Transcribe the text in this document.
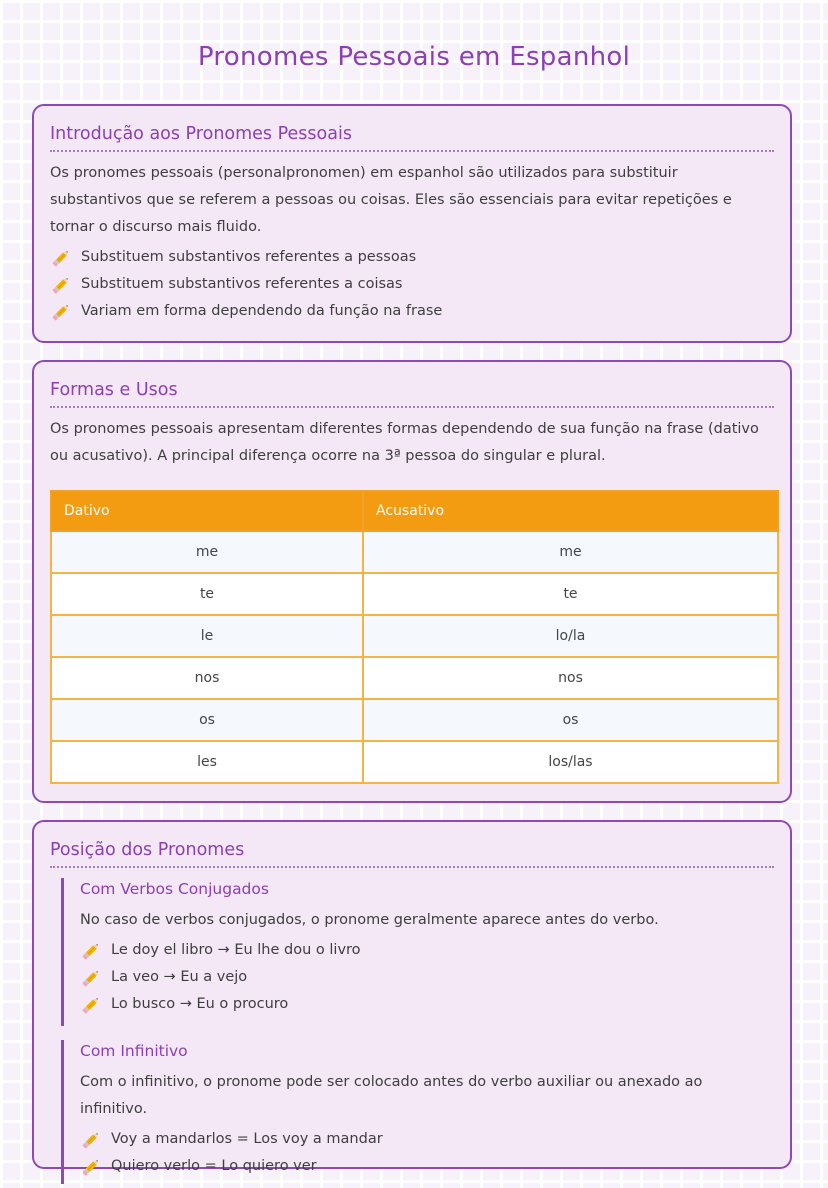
Pronomes Pessoais em Espanhol
Introdução aos Pronomes Pessoais

Os pronomes pessoais (personalpronomen) em espanhol são utilizados para substituir substantivos que se referem a pessoas ou coisas. Eles são essenciais para evitar repetições e tornar o discurso mais fluido.

Substituem substantivos referentes a pessoas
Substituem substantivos referentes a coisas
Variam em forma dependendo da função na frase
Formas e Usos

Os pronomes pessoais apresentam diferentes formas dependendo de sua função na frase (dativo ou acusativo). A principal diferença ocorre na 3ª pessoa do singular e plural.

Dativo	Acusativo
me	me
te	te
le	lo/la
nos	nos
os	os
les	los/las
Posição dos Pronomes
Com Verbos Conjugados

No caso de verbos conjugados, o pronome geralmente aparece antes do verbo.

Le doy el libro → Eu lhe dou o livro
La veo → Eu a vejo
Lo busco → Eu o procuro
Com Infinitivo

Com o infinitivo, o pronome pode ser colocado antes do verbo auxiliar ou anexado ao infinitivo.

Voy a mandarlos = Los voy a mandar
Quiero verlo = Lo quiero ver
